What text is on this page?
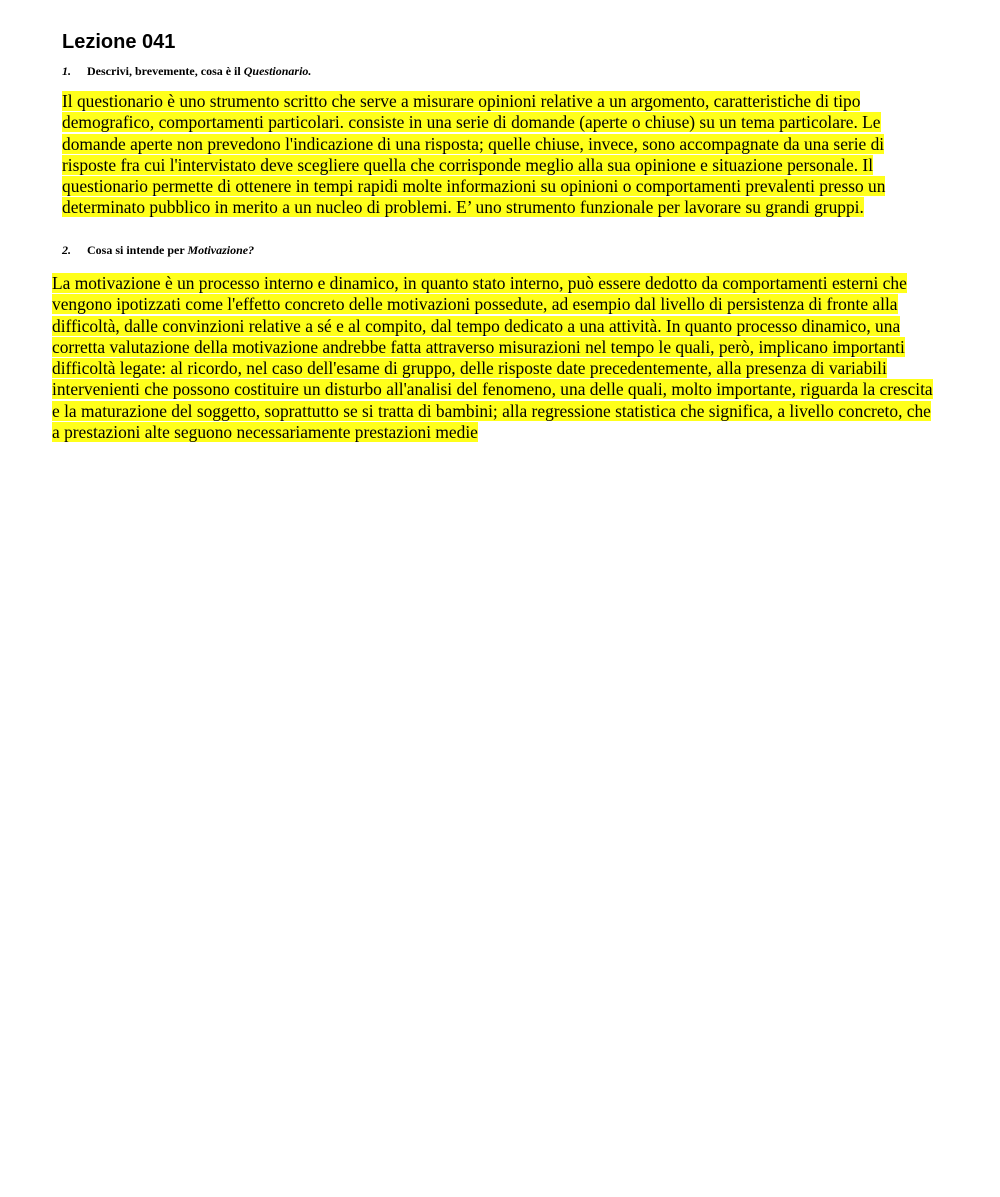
Lezione 041

1. Descrivi, brevemente, cosa è il Questionario.

Il questionario è uno strumento scritto che serve a misurare opinioni relative a un argomento, caratteristiche di tipo
demografico, comportamenti particolari. consiste in una serie di domande (aperte o chiuse) su un tema particolare. Le
domande aperte non prevedono l'indicazione di una risposta; quelle chiuse, invece, sono accompagnate da una serie di
risposte fra cui l'intervistato deve scegliere quella che corrisponde meglio alla sua opinione e situazione personale. Il
questionario permette di ottenere in tempi rapidi molte informazioni su opinioni o comportamenti prevalenti presso un
determinato pubblico in merito a un nucleo di problemi. E’ uno strumento funzionale per lavorare su grandi gruppi.

2. Cosa si intende per Motivazione?

La motivazione è un processo interno e dinamico, in quanto stato interno, può essere dedotto da comportamenti esterni che
vengono ipotizzati come l'effetto concreto delle motivazioni possedute, ad esempio dal livello di persistenza di fronte alla
difficoltà, dalle convinzioni relative a sé e al compito, dal tempo dedicato a una attività. In quanto processo dinamico, una
corretta valutazione della motivazione andrebbe fatta attraverso misurazioni nel tempo le quali, però, implicano importanti
difficoltà legate: al ricordo, nel caso dell'esame di gruppo, delle risposte date precedentemente, alla presenza di variabili
intervenienti che possono costituire un disturbo all'analisi del fenomeno, una delle quali, molto importante, riguarda la crescita
e la maturazione del soggetto, soprattutto se si tratta di bambini; alla regressione statistica che significa, a livello concreto, che
a prestazioni alte seguono necessariamente prestazioni medie
